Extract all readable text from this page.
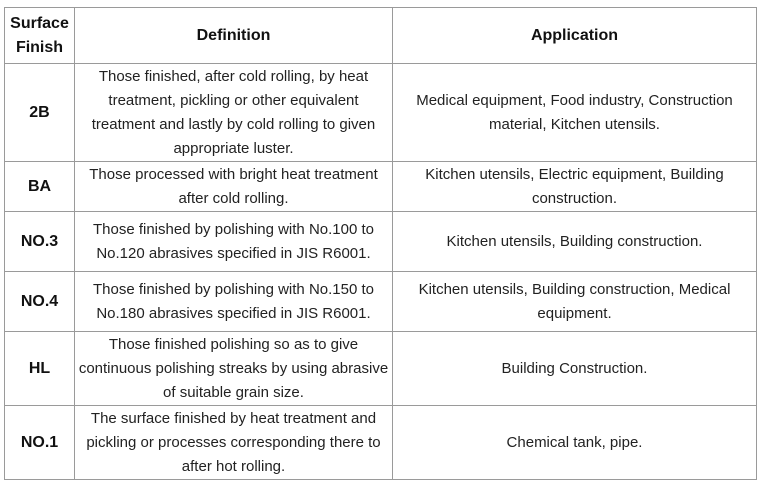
Surface Finish	Definition	Application
2B	Those finished, after cold rolling, by heat treatment, pickling or other equivalent treatment and lastly by cold rolling to given appropriate luster.	Medical equipment, Food industry, Construction material, Kitchen utensils.
BA	Those processed with bright heat treatment after cold rolling.	Kitchen utensils, Electric equipment, Building construction.
NO.3	Those finished by polishing with No.100 to No.120 abrasives specified in JIS R6001.	Kitchen utensils, Building construction.
NO.4	Those finished by polishing with No.150 to No.180 abrasives specified in JIS R6001.	Kitchen utensils, Building construction, Medical equipment.
HL	Those finished polishing so as to give continuous polishing streaks by using abrasive of suitable grain size.	Building Construction.
NO.1	The surface finished by heat treatment and pickling or processes corresponding there to after hot rolling.	Chemical tank, pipe.
